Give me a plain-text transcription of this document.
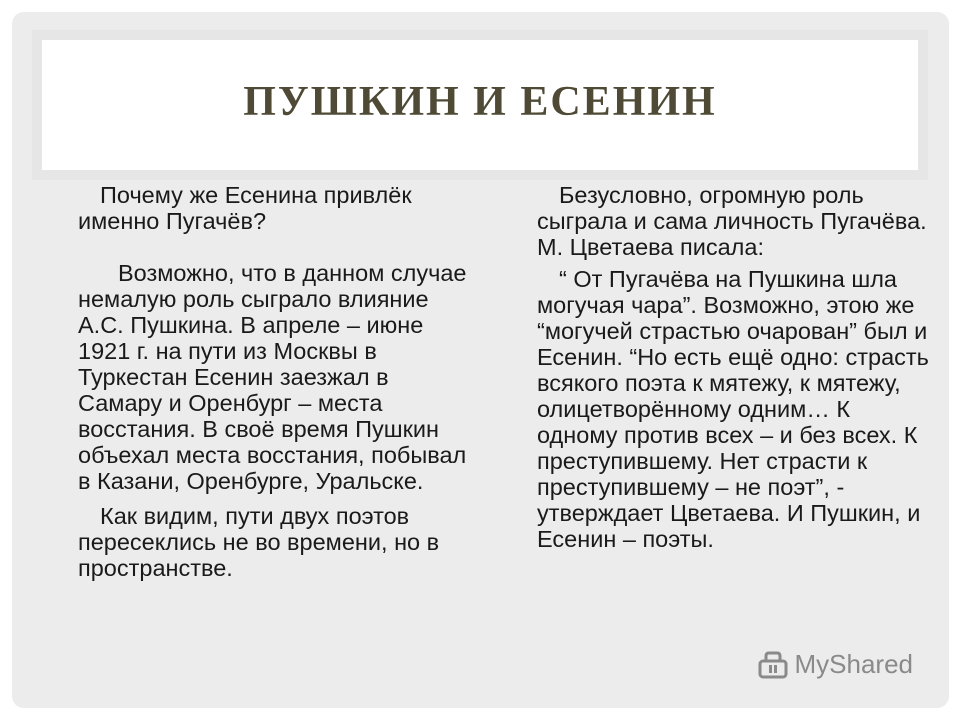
ПУШКИН И ЕСЕНИН

Почему же Есенина привлёк именно Пугачёв?

Возможно, что в данном случае немалую роль сыграло влияние А.С. Пушкина. В апреле – июне 1921 г. на пути из Москвы в Туркестан Есенин заезжал в Самару и Оренбург – места восстания. В своё время Пушкин объехал места восстания, побывал в Казани, Оренбурге, Уральске.

Как видим, пути двух поэтов пересеклись не во времени, но в пространстве.

Безусловно, огромную роль сыграла и сама личность Пугачёва. М. Цветаева писала:

“ От Пугачёва на Пушкина шла могучая чара”. Возможно, этою же “могучей страстью очарован” был и Есенин. “Но есть ещё одно: страсть всякого поэта к мятежу, к мятежу, олицетворённому одним… К одному против всех – и без всех. К преступившему. Нет страсти к преступившему – не поэт”, - утверждает Цветаева. И Пушкин, и Есенин – поэты.

MyShared
